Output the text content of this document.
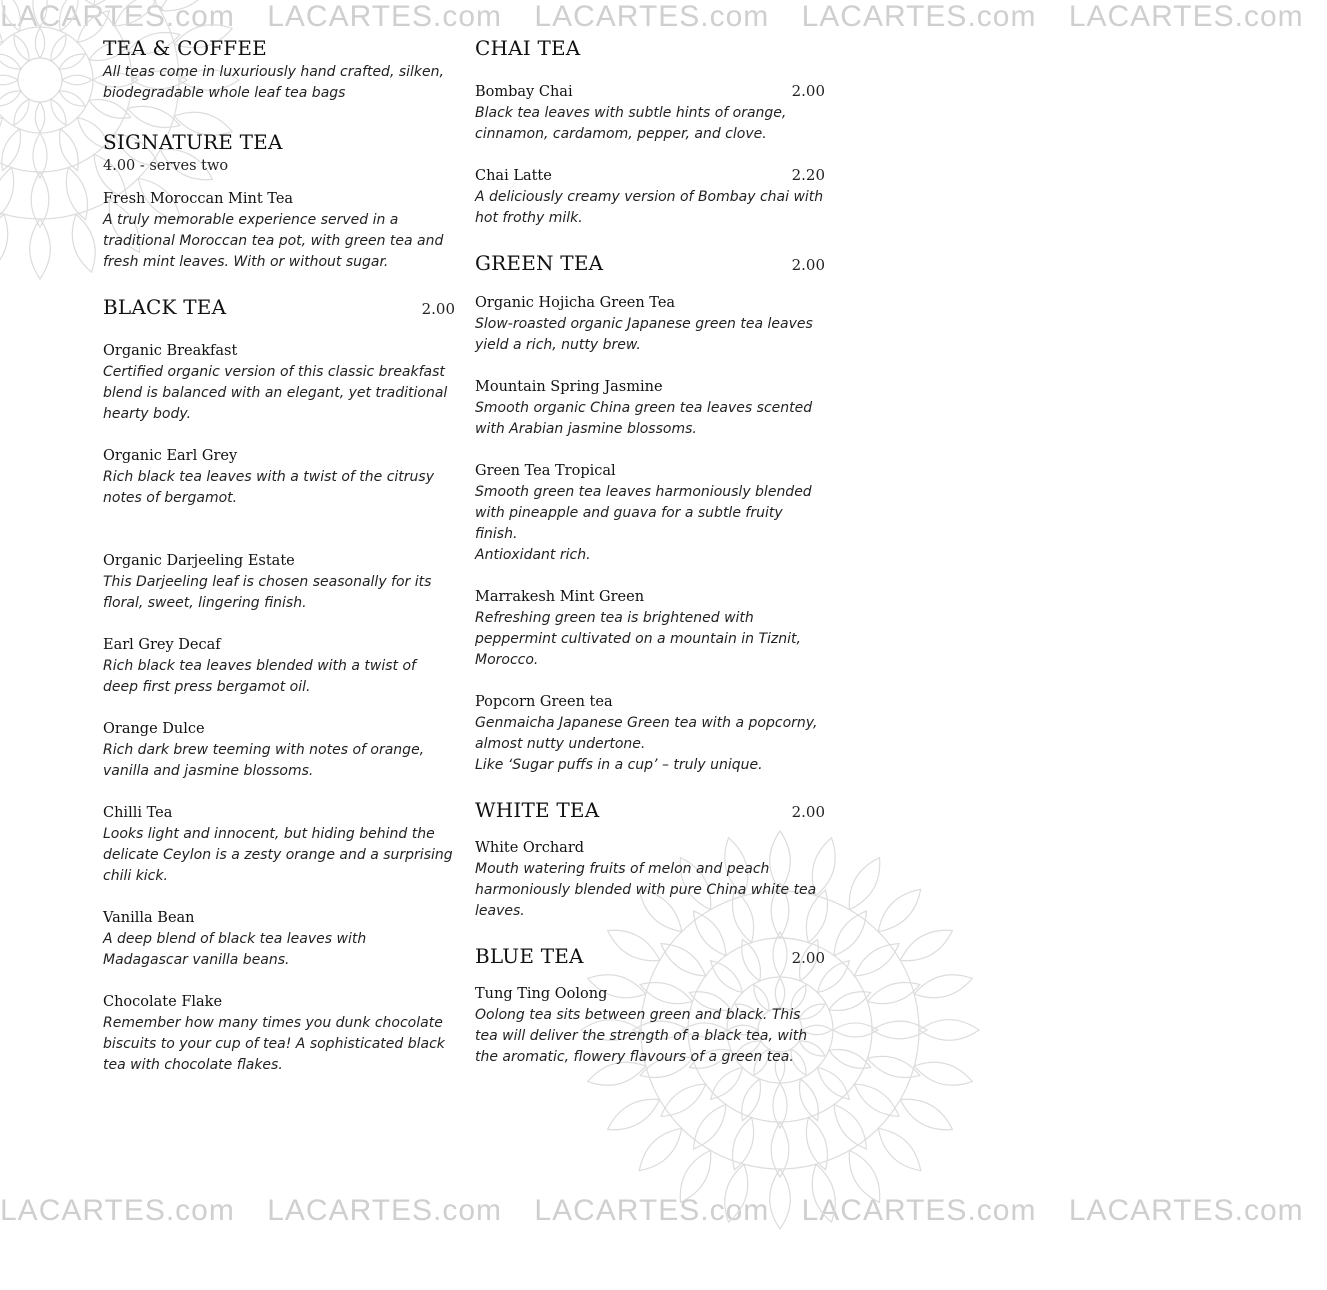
LACARTES.com LACARTES.com LACARTES.com LACARTES.com LACARTES.com
LACARTES.com LACARTES.com LACARTES.com LACARTES.com LACARTES.com
TEA & COFFEE
All teas come in luxuriously hand crafted, silken, biodegradable whole leaf tea bags
SIGNATURE TEA
4.00 - serves two
Fresh Moroccan Mint Tea
A truly memorable experience served in a traditional Moroccan tea pot, with green tea and fresh mint leaves. With or without sugar.
BLACK TEA	2.00
Organic Breakfast
Certified organic version of this classic breakfast blend is balanced with an elegant, yet traditional hearty body.
Organic Earl Grey
Rich black tea leaves with a twist of the citrusy notes of bergamot.
Organic Darjeeling Estate
This Darjeeling leaf is chosen seasonally for its floral, sweet, lingering finish.
Earl Grey Decaf
Rich black tea leaves blended with a twist of deep first press bergamot oil.
Orange Dulce
Rich dark brew teeming with notes of orange, vanilla and jasmine blossoms.
Chilli Tea
Looks light and innocent, but hiding behind the delicate Ceylon is a zesty orange and a surprising chili kick.
Vanilla Bean
A deep blend of black tea leaves with Madagascar vanilla beans.
Chocolate Flake
Remember how many times you dunk chocolate biscuits to your cup of tea! A sophisticated black tea with chocolate flakes.
CHAI TEA
Bombay Chai	2.00
Black tea leaves with subtle hints of orange, cinnamon, cardamom, pepper, and clove.
Chai Latte	2.20
A deliciously creamy version of Bombay chai with hot frothy milk.
GREEN TEA	2.00
Organic Hojicha Green Tea
Slow-roasted organic Japanese green tea leaves yield a rich, nutty brew.
Mountain Spring Jasmine
Smooth organic China green tea leaves scented with Arabian jasmine blossoms.
Green Tea Tropical
Smooth green tea leaves harmoniously blended with pineapple and guava for a subtle fruity finish.
Antioxidant rich.
Marrakesh Mint Green
Refreshing green tea is brightened with peppermint cultivated on a mountain in Tiznit, Morocco.
Popcorn Green tea
Genmaicha Japanese Green tea with a popcorny, almost nutty undertone.
Like ‘Sugar puffs in a cup’ – truly unique.
WHITE TEA	2.00
White Orchard
Mouth watering fruits of melon and peach harmoniously blended with pure China white tea leaves.
BLUE TEA	2.00
Tung Ting Oolong
Oolong tea sits between green and black. This tea will deliver the strength of a black tea, with the aromatic, flowery flavours of a green tea.
